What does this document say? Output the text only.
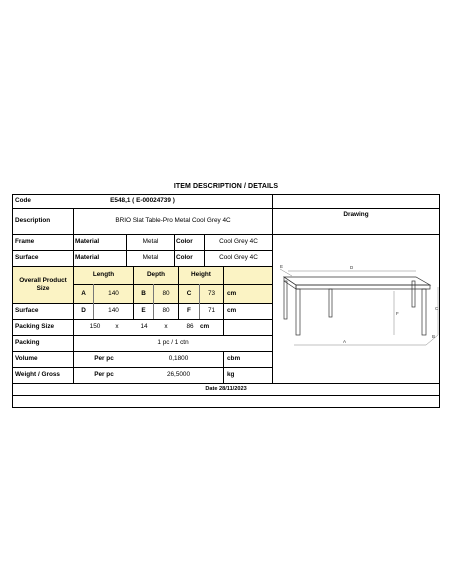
ITEM DESCRIPTION / DETAILS
Code	E548,1 ( E-00024739 )
Description	BRIO Slat Table-Pro Metal Cool Grey 4C
Drawing
Frame	Material	Metal	Color	Cool Grey 4C
Surface	Material	Metal	Color	Cool Grey 4C
Overall Product
Size
Length	Depth	Height
A	140	B	80	C	73	cm
Surface	D	140	E	80	F	71	cm
Packing Size	150	x	14	x	86	cm
Packing	1 pc / 1 ctn
Volume	Per pc	0,1800	cbm
Weight / Gross	Per pc	26,5000	kg
Date 28/11/2023
A
B
C
D
E
F
